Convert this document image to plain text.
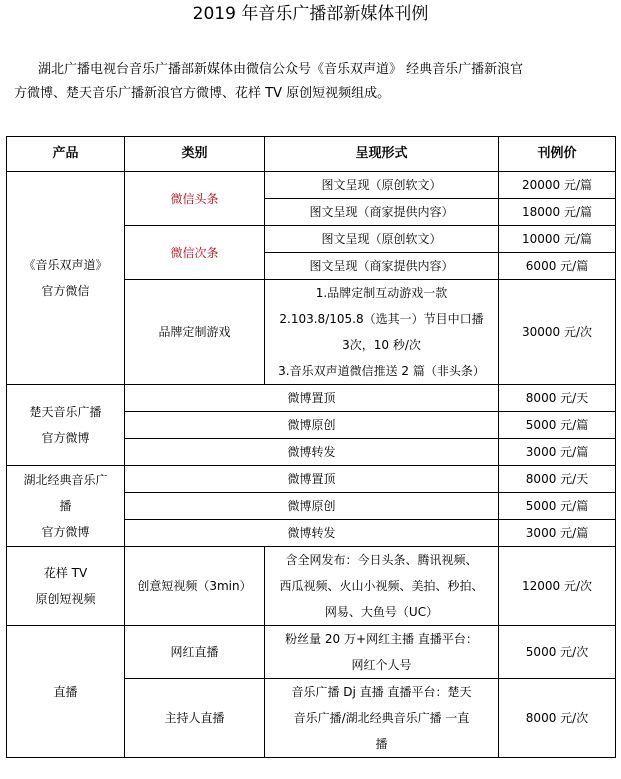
2019 年音乐广播部新媒体刊例

湖北广播电视台音乐广播部新媒体由微信公众号《音乐双声道》 经典音乐广播新浪官

方微博、楚天音乐广播新浪官方微博、花样 TV 原创短视频组成。

产品	类别	呈现形式	刊例价

《音乐双声道》
官方微信	微信头条	图文呈现（原创软文）	20000 元/篇
		图文呈现（商家提供内容）	18000 元/篇
	微信次条	图文呈现（原创软文）	10000 元/篇
		图文呈现（商家提供内容）	6000 元/篇
	品牌定制游戏	1.品牌定制互动游戏一款
2.103.8/105.8（选其一）节目中口播
3次，10 秒/次
3.音乐双声道微信推送 2 篇（非头条）	30000 元/次

楚天音乐广播
官方微博	微博置顶		8000 元/天
	微博原创		5000 元/篇
	微博转发		3000 元/篇

湖北经典音乐广
播
官方微博	微博置顶		8000 元/天
	微博原创		5000 元/篇
	微博转发		3000 元/篇

花样 TV
原创短视频	创意短视频（3min）	含全网发布：今日头条、腾讯视频、
西瓜视频、火山小视频、美拍、秒拍、
网易、大鱼号（UC）	12000 元/次
直播	网红直播	粉丝量 20 万+网红主播 直播平台：
网红个人号	5000 元/次
	主持人直播	音乐广播 Dj 直播 直播平台：楚天
音乐广播/湖北经典音乐广播 一直
播	8000 元/次
